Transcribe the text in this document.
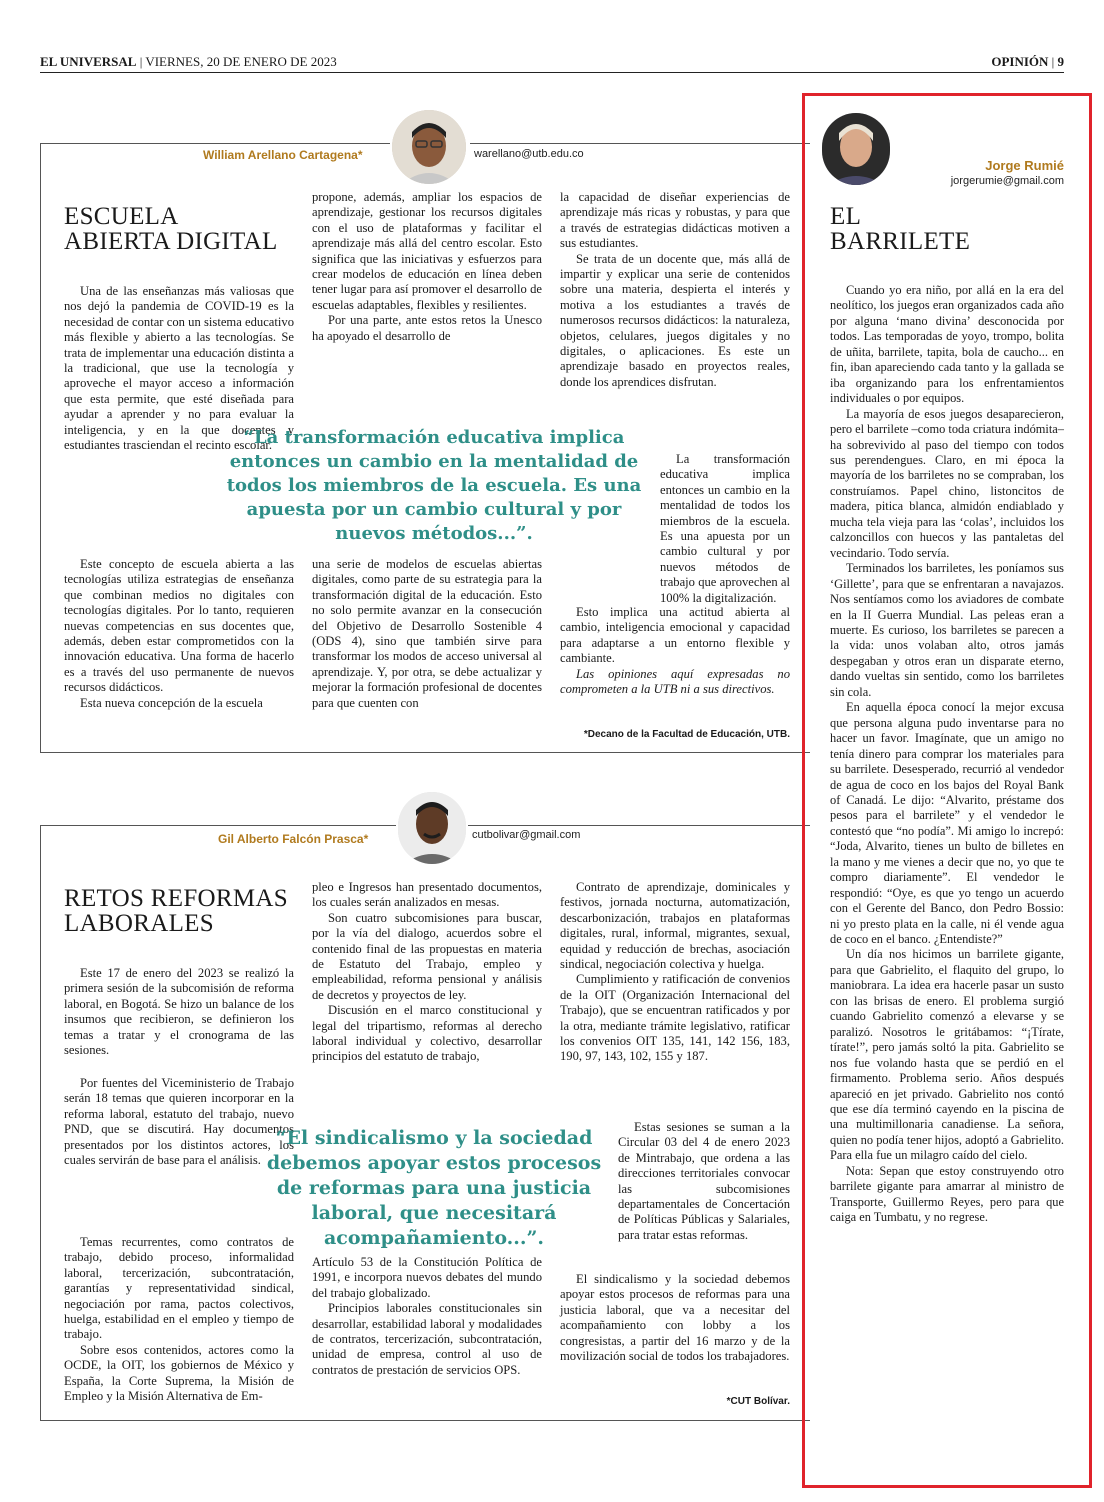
EL UNIVERSAL | VIERNES, 20 DE ENERO DE 2023	OPINIÓN | 9
William Arellano Cartagena*	warellano@utb.edu.co
ESCUELA
ABIERTA DIGITAL

Una de las enseñanzas más valiosas que nos dejó la pandemia de COVID-19 es la necesidad de contar con un sistema educativo más flexible y abierto a las tecnologías. Se trata de implementar una educación distinta a la tradicional, que use la tecnología y aproveche el mayor acceso a información que esta permite, que esté diseñada para ayudar a aprender y no para evaluar la inteligencia, y en la que docentes y estudiantes trasciendan el recinto escolar.

Este concepto de escuela abierta a las tecnologías utiliza estrategias de enseñanza que combinan medios no digitales con tecnologías digitales. Por lo tanto, requieren nuevas competencias en sus docentes que, además, deben estar comprometidos con la innovación educativa. Una forma de hacerlo es a través del uso permanente de nuevos recursos didácticos.

Esta nueva concepción de la escuela

propone, además, ampliar los espacios de aprendizaje, gestionar los recursos digitales con el uso de plataformas y facilitar el aprendizaje más allá del centro escolar. Esto significa que las iniciativas y esfuerzos para crear modelos de educación en línea deben tener lugar para así promover el desarrollo de escuelas adaptables, flexibles y resilientes.

Por una parte, ante estos retos la Unesco ha apoyado el desarrollo de

una serie de modelos de escuelas abiertas digitales, como parte de su estrategia para la transformación digital de la educación. Esto no solo permite avanzar en la consecución del Objetivo de Desarrollo Sostenible 4 (ODS 4), sino que también sirve para transformar los modos de acceso universal al aprendizaje. Y, por otra, se debe actualizar y mejorar la formación profesional de docentes para que cuenten con

la capacidad de diseñar experiencias de aprendizaje más ricas y robustas, y para que a través de estrategias didácticas motiven a sus estudiantes.

Se trata de un docente que, más allá de impartir y explicar una serie de contenidos sobre una materia, despierta el interés y motiva a los estudiantes a través de numerosos recursos didácticos: la naturaleza, objetos, celulares, juegos digitales y no digitales, o aplicaciones. Es este un aprendizaje basado en proyectos reales, donde los aprendices disfrutan.

La transformación educativa implica entonces un cambio en la mentalidad de todos los miembros de la escuela. Es una apuesta por un cambio cultural y por nuevos métodos de trabajo que aprovechen al 100% la digitalización.

Esto implica una actitud abierta al cambio, inteligencia emocional y capacidad para adaptarse a un entorno flexible y cambiante.

Las opiniones aquí expresadas no comprometen a la UTB ni a sus directivos.

*Decano de la Facultad de Educación, UTB.
“La transformación educativa implica entonces un cambio en la mentalidad de todos los miembros de la escuela. Es una apuesta por un cambio cultural y por nuevos métodos...”.
Gil Alberto Falcón Prasca*	cutbolivar@gmail.com
RETOS REFORMAS
LABORALES

Este 17 de enero del 2023 se realizó la primera sesión de la subcomisión de reforma laboral, en Bogotá. Se hizo un balance de los insumos que recibieron, se definieron los temas a tratar y el cronograma de las sesiones.

Por fuentes del Viceministerio de Trabajo serán 18 temas que quieren incorporar en la reforma laboral, estatuto del trabajo, nuevo PND, que se discutirá. Hay documentos presentados por los distintos actores, los cuales servirán de base para el análisis.

Temas recurrentes, como contratos de trabajo, debido proceso, informalidad laboral, tercerización, subcontratación, garantías y representatividad sindical, negociación por rama, pactos colectivos, huelga, estabilidad en el empleo y tiempo de trabajo.

Sobre esos contenidos, actores como la OCDE, la OIT, los gobiernos de México y España, la Corte Suprema, la Misión de Empleo y la Misión Alternativa de Em-

pleo e Ingresos han presentado documentos, los cuales serán analizados en mesas.

Son cuatro subcomisiones para buscar, por la vía del dialogo, acuerdos sobre el contenido final de las propuestas en materia de Estatuto del Trabajo, empleo y empleabilidad, reforma pensional y análisis de decretos y proyectos de ley.

Discusión en el marco constitucional y legal del tripartismo, reformas al derecho laboral individual y colectivo, desarrollar principios del estatuto de trabajo,

Artículo 53 de la Constitución Política de 1991, e incorpora nuevos debates del mundo del trabajo globalizado.

Principios laborales constitucionales sin desarrollar, estabilidad laboral y modalidades de contratos, tercerización, subcontratación, unidad de empresa, control al uso de contratos de prestación de servicios OPS.

Contrato de aprendizaje, dominicales y festivos, jornada nocturna, automatización, descarbonización, trabajos en plataformas digitales, rural, informal, migrantes, sexual, equidad y reducción de brechas, asociación sindical, negociación colectiva y huelga.

Cumplimiento y ratificación de convenios de la OIT (Organización Internacional del Trabajo), que se encuentran ratificados y por la otra, mediante trámite legislativo, ratificar los convenios OIT 135, 141, 142 156, 183, 190, 97, 143, 102, 155 y 187.

Estas sesiones se suman a la Circular 03 del 4 de enero 2023 de Mintrabajo, que ordena a las direcciones territoriales convocar las subcomisiones departamentales de Concertación de Políticas Públicas y Salariales, para tratar estas reformas.

El sindicalismo y la sociedad debemos apoyar estos procesos de reformas para una justicia laboral, que va a necesitar del acompañamiento con lobby a los congresistas, a partir del 16 marzo y de la movilización social de todos los trabajadores.

*CUT Bolívar.
“El sindicalismo y la sociedad debemos apoyar estos procesos de reformas para una justicia laboral, que necesitará acompañamiento...”.
Jorge Rumié
jorgerumie@gmail.com
EL
BARRILETE

Cuando yo era niño, por allá en la era del neolítico, los juegos eran organizados cada año por alguna ‘mano divina’ desconocida por todos. Las temporadas de yoyo, trompo, bolita de uñita, barrilete, tapita, bola de caucho... en fin, iban apareciendo cada tanto y la gallada se iba organizando para los enfrentamientos individuales o por equipos.

La mayoría de esos juegos desaparecieron, pero el barrilete –como toda criatura indómita– ha sobrevivido al paso del tiempo con todos sus perendengues. Claro, en mi época la mayoría de los barriletes no se compraban, los construíamos. Papel chino, listoncitos de madera, pitica blanca, almidón endiablado y mucha tela vieja para las ‘colas’, incluidos los calzoncillos con huecos y las pantaletas del vecindario. Todo servía.

Terminados los barriletes, les poníamos sus ‘Gillette’, para que se enfrentaran a navajazos. Nos sentíamos como los aviadores de combate en la II Guerra Mundial. Las peleas eran a muerte. Es curioso, los barriletes se parecen a la vida: unos volaban alto, otros jamás despegaban y otros eran un disparate eterno, dando vueltas sin sentido, como los barriletes sin cola.

En aquella época conocí la mejor excusa que persona alguna pudo inventarse para no hacer un favor. Imagínate, que un amigo no tenía dinero para comprar los materiales para su barrilete. Desesperado, recurrió al vendedor de agua de coco en los bajos del Royal Bank of Canadá. Le dijo: “Alvarito, préstame dos pesos para el barrilete” y el vendedor le contestó que “no podía”. Mi amigo lo increpó: “Joda, Alvarito, tienes un bulto de billetes en la mano y me vienes a decir que no, yo que te compro diariamente”. El vendedor le respondió: “Oye, es que yo tengo un acuerdo con el Gerente del Banco, don Pedro Bossio: ni yo presto plata en la calle, ni él vende agua de coco en el banco. ¿Entendiste?”

Un día nos hicimos un barrilete gigante, para que Gabrielito, el flaquito del grupo, lo maniobrara. La idea era hacerle pasar un susto con las brisas de enero. El problema surgió cuando Gabrielito comenzó a elevarse y se paralizó. Nosotros le gritábamos: “¡Tírate, tírate!”, pero jamás soltó la pita. Gabrielito se nos fue volando hasta que se perdió en el firmamento. Problema serio. Años después apareció en jet privado. Gabrielito nos contó que ese día terminó cayendo en la piscina de una multimillonaria canadiense. La señora, quien no podía tener hijos, adoptó a Gabrielito. Para ella fue un milagro caído del cielo.

Nota: Sepan que estoy construyendo otro barrilete gigante para amarrar al ministro de Transporte, Guillermo Reyes, pero para que caiga en Tumbatu, y no regrese.
